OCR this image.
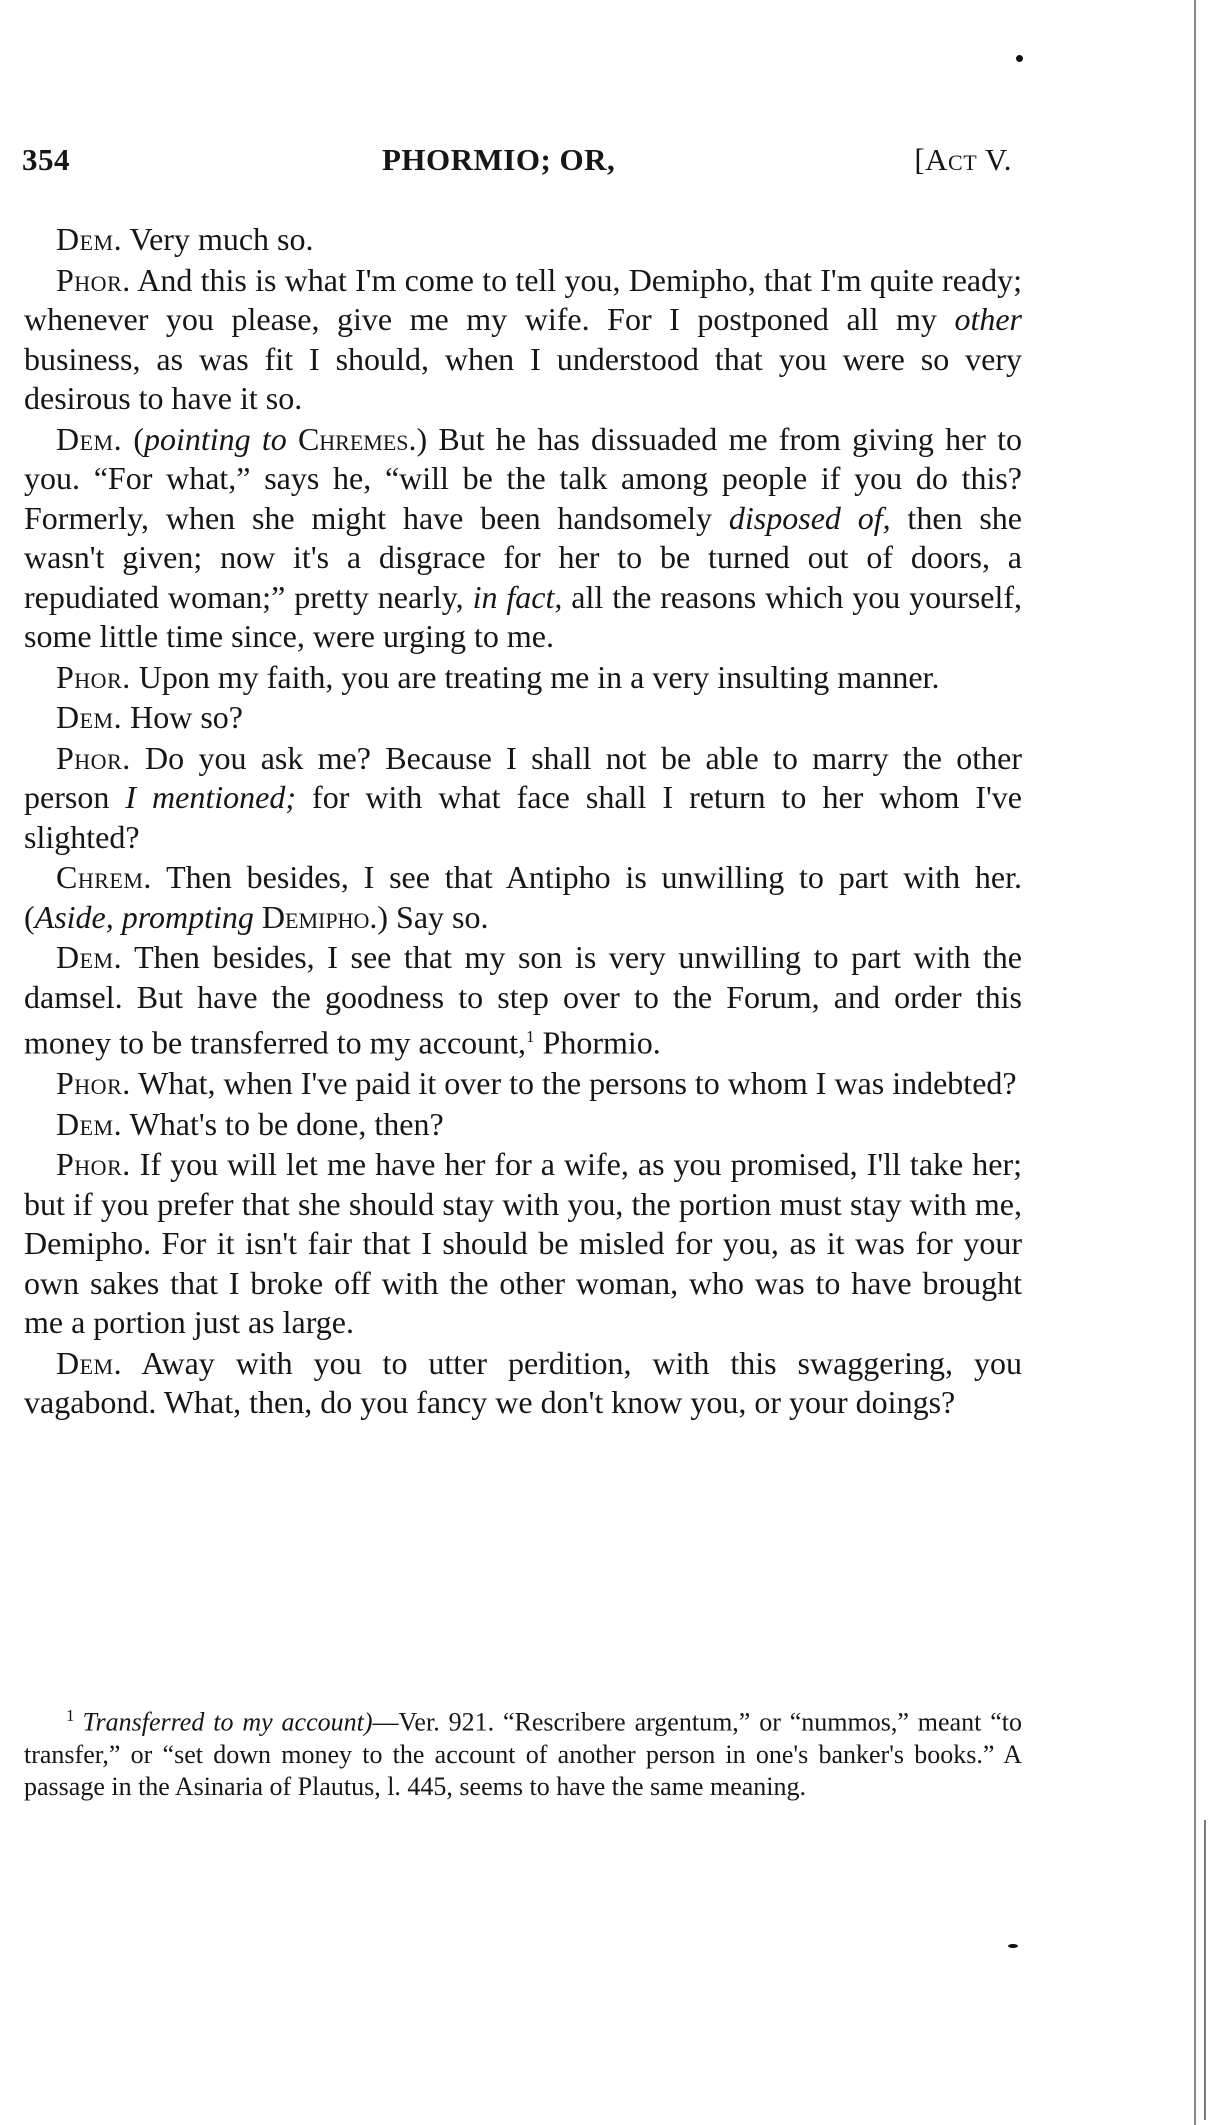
354	PHORMIO; OR,	[Act V.

Dem. Very much so.

Phor. And this is what I'm come to tell you, Demipho, that I'm quite ready; whenever you please, give me my wife. For I postponed all my other business, as was fit I should, when I understood that you were so very desirous to have it so.

Dem. (pointing to Chremes.) But he has dissuaded me from giving her to you. “For what,” says he, “will be the talk among people if you do this? Formerly, when she might have been handsomely disposed of, then she wasn't given; now it's a disgrace for her to be turned out of doors, a repudiated woman;” pretty nearly, in fact, all the reasons which you yourself, some little time since, were urging to me.

Phor. Upon my faith, you are treating me in a very insulting manner.

Dem. How so?

Phor. Do you ask me? Because I shall not be able to marry the other person I mentioned; for with what face shall I return to her whom I've slighted?

Chrem. Then besides, I see that Antipho is unwilling to part with her. (Aside, prompting Demipho.) Say so.

Dem. Then besides, I see that my son is very unwilling to part with the damsel. But have the goodness to step over to the Forum, and order this money to be transferred to my account,$^1$ Phormio.

Phor. What, when I've paid it over to the persons to whom I was indebted?

Dem. What's to be done, then?

Phor. If you will let me have her for a wife, as you promised, I'll take her; but if you prefer that she should stay with you, the portion must stay with me, Demipho. For it isn't fair that I should be misled for you, as it was for your own sakes that I broke off with the other woman, who was to have brought me a portion just as large.

Dem. Away with you to utter perdition, with this swaggering, you vagabond. What, then, do you fancy we don't know you, or your doings?

$^1$ Transferred to my account)—Ver. 921. “Rescribere argentum,” or “nummos,” meant “to transfer,” or “set down money to the account of another person in one's banker's books.” A passage in the Asinaria of Plautus, l. 445, seems to have the same meaning.
